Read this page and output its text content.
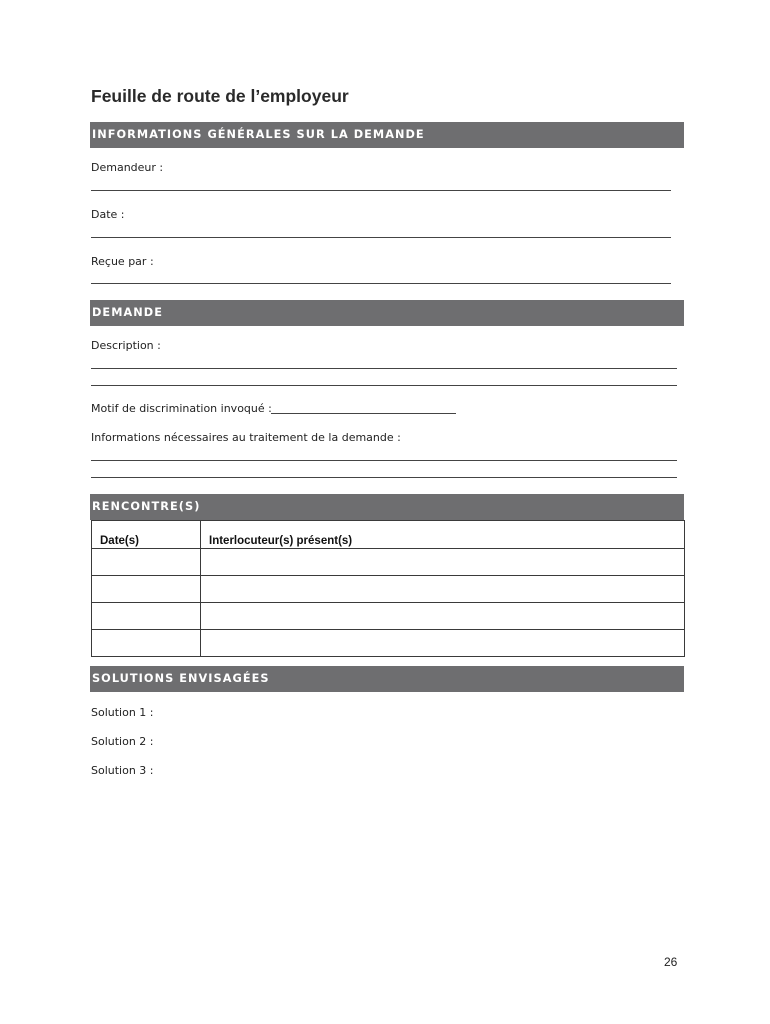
Feuille de route de l’employeur
INFORMATIONS GÉNÉRALES SUR LA DEMANDE
Demandeur :
Date :
Reçue par :
DEMANDE
Description :
Motif de discrimination invoqué :
Informations nécessaires au traitement de la demande :
RENCONTRE(S)
Date(s)	Interlocuteur(s) présent(s)

SOLUTIONS ENVISAGÉES
Solution 1 :
Solution 2 :
Solution 3 :
26
